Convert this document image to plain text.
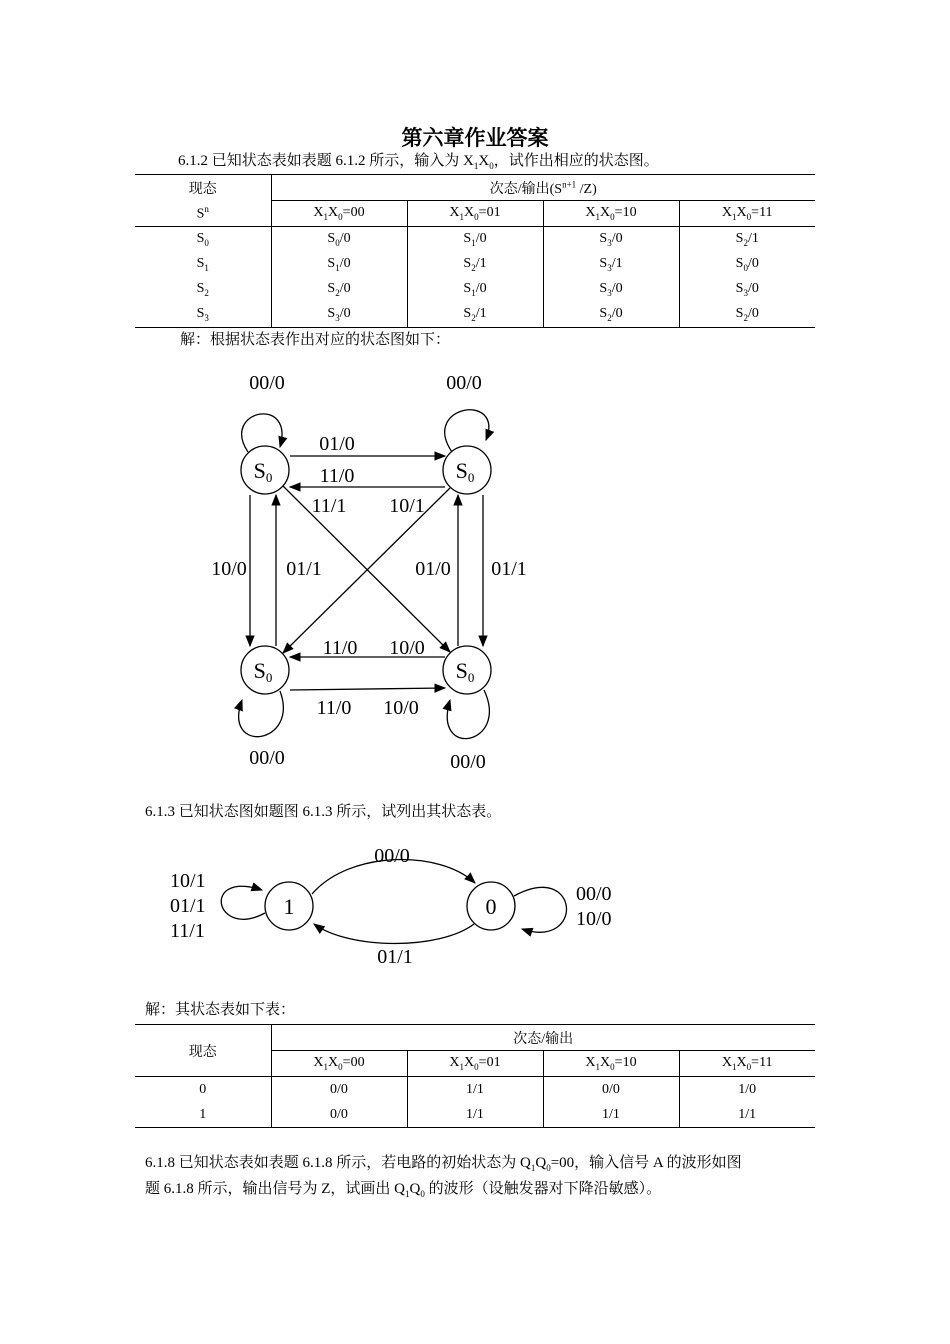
第六章作业答案
6.1.2 已知状态表如表题 6.1.2 所示，输入为 $X_1X_0$，试作出相应的状态图。
现态	次态/输出($S^{n+1}$ /Z)			
$S^n$	$X_1X_0=00$	$X_1X_0=01$	$X_1X_0=10$	$X_1X_0=11$
$S_0$	$S_0/0$	$S_1/0$	$S_3/0$	$S_2/1$
$S_1$	$S_1/0$	$S_2/1$	$S_3/1$	$S_0/0$
$S_2$	$S_2/0$	$S_1/0$	$S_3/0$	$S_3/0$
$S_3$	$S_3/0$	$S_2/1$	$S_2/0$	$S_2/0$
解：根据状态表作出对应的状态图如下：
S0	S0
S0	S0
00/0	00/0
00/0	00/0
01/0
11/0
11/1 10/1
10/0 01/1	01/0 01/1
11/0 10/0
11/0 10/0
6.1.3 已知状态图如题图 6.1.3 所示，试列出其状态表。
1	0
00/0
01/1
10/1
01/1
11/1
00/0
10/0
解：其状态表如下表：
现态	次态/输出			
	$X_1X_0=00$	$X_1X_0=01$	$X_1X_0=10$	$X_1X_0=11$
0	0/0	1/1	0/0	1/0
1	0/0	1/1	1/1	1/1
6.1.8 已知状态表如表题 6.1.8 所示，若电路的初始状态为 $Q_1Q_0=00$，输入信号 A 的波形如图
题 6.1.8 所示，输出信号为 Z，试画出 $Q_1Q_0$ 的波形（设触发器对下降沿敏感）。
